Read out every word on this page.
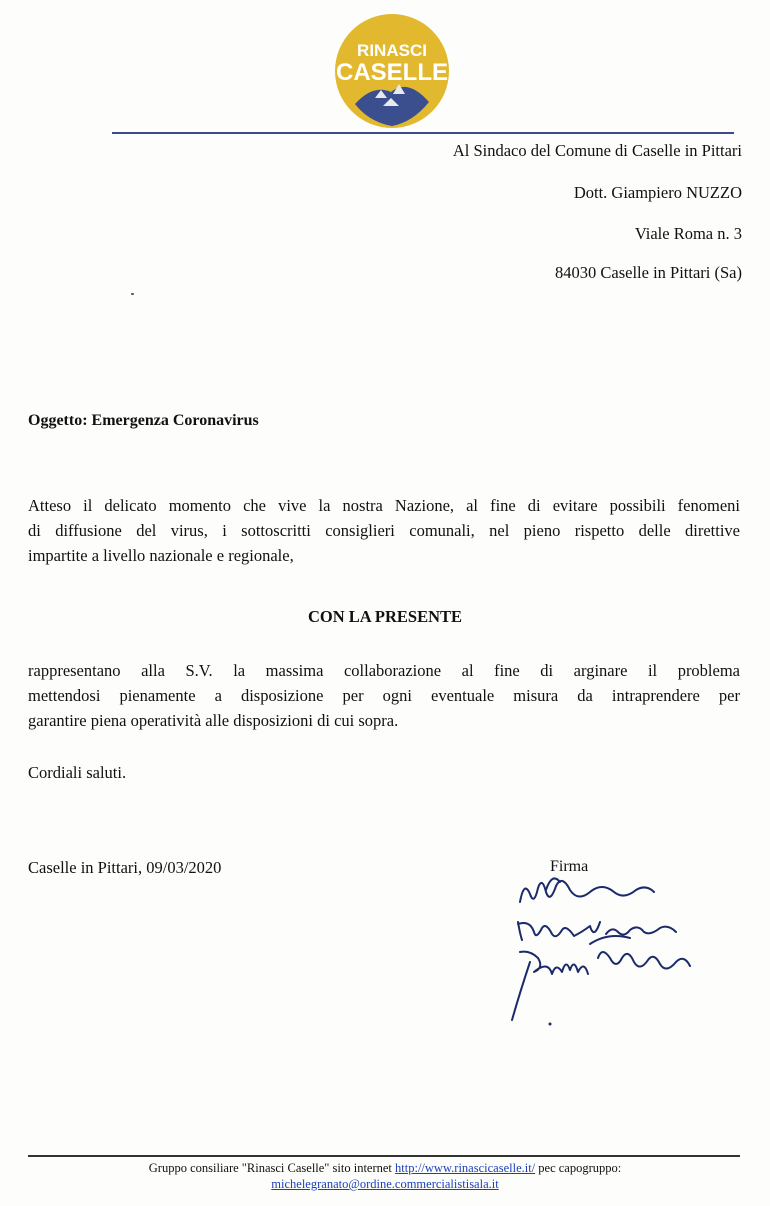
RINASCI
CASELLE
Al Sindaco del Comune di Caselle in Pittari
Dott. Giampiero NUZZO
Viale Roma n. 3
84030 Caselle in Pittari (Sa)
Oggetto: Emergenza Coronavirus
Atteso il delicato momento che vive la nostra Nazione, al fine di evitare possibili fenomeni
di diffusione del virus, i sottoscritti consiglieri comunali, nel pieno rispetto delle direttive
impartite a livello nazionale e regionale,
CON LA PRESENTE
rappresentano alla S.V. la massima collaborazione al fine di arginare il problema
mettendosi pienamente a disposizione per ogni eventuale misura da intraprendere per
garantire piena operatività alle disposizioni di cui sopra.
Cordiali saluti.
Caselle in Pittari, 09/03/2020	Firma
Gruppo consiliare "Rinasci Caselle" sito internet http://www.rinascicaselle.it/ pec capogruppo:
michelegranato@ordine.commercialistisala.it
